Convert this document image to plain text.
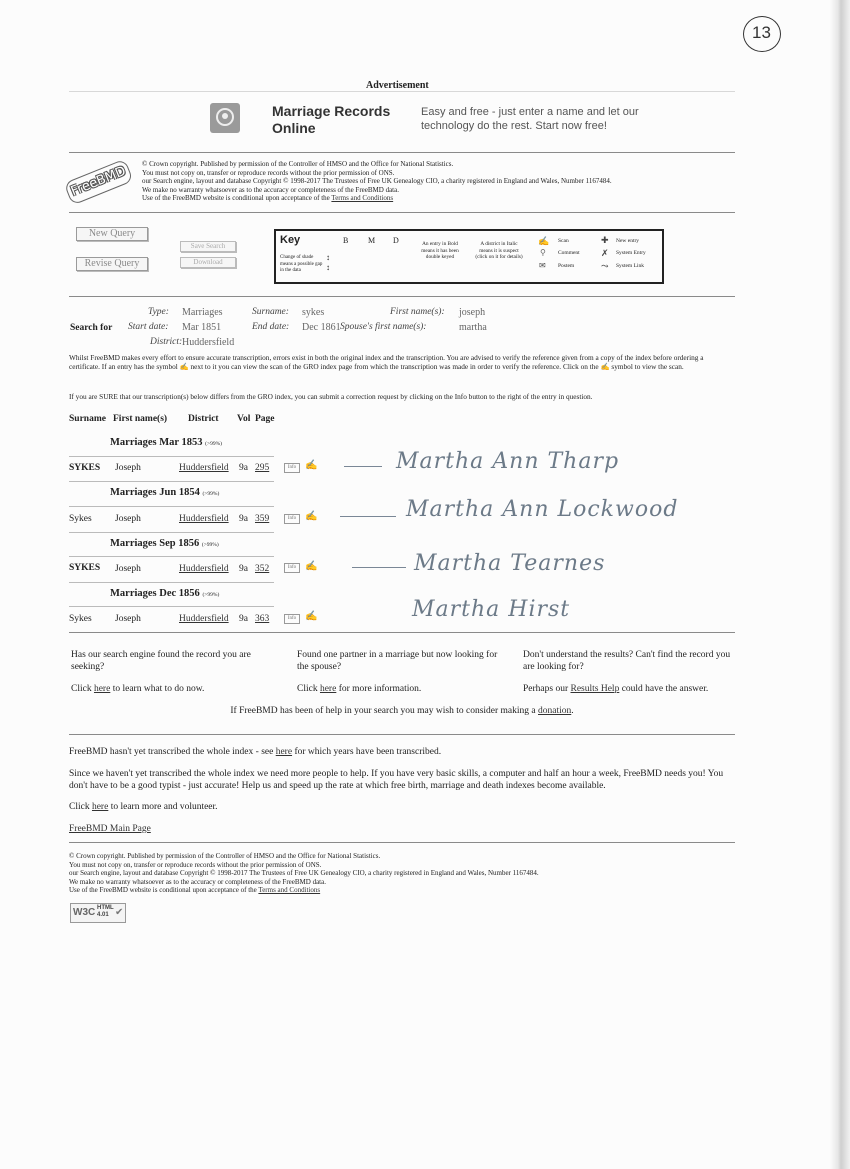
13
Advertisement
Marriage Records Online
Easy and free - just enter a name and let our technology do the rest. Start now free!
FreeBMD	© Crown copyright. Published by permission of the Controller of HMSO and the Office for National Statistics.
You must not copy on, transfer or reproduce records without the prior permission of ONS.
our Search engine, layout and database Copyright © 1998-2017 The Trustees of Free UK Genealogy CIO, a charity registered in England and Wales, Number 1167484.
We make no warranty whatsoever as to the accuracy or completeness of the FreeBMD data.
Use of the FreeBMD website is conditional upon acceptance of the Terms and Conditions
New Query
Revise Query
Save Search
Download
Key	B M D
↕
↕
Change of shade means a possible gap in the data
An entry in Bold means it has been double keyed
A district in Italic means it is suspect (click on it for details)
✍ Scan
⚲ Comment
✉ Postem
✚ New entry
✗ System Entry
⤳ System Link
Search for
Type: Marriages
Start date: Mar 1851
District: Huddersfield
Surname: sykes
End date: Dec 1861
First name(s): joseph
Spouse's first name(s):	martha
Whilst FreeBMD makes every effort to ensure accurate transcription, errors exist in both the original index and the transcription. You are advised to verify the reference given from a copy of the index before ordering a certificate. If an entry has the symbol ✍ next to it you can view the scan of the GRO index page from which the transcription was made in order to verify the reference. Click on the ✍ symbol to view the scan.
If you are SURE that our transcription(s) below differs from the GRO index, you can submit a correction request by clicking on the Info button to the right of the entry in question.
Surname First name(s) District Vol Page
Marriages Mar 1853 (>99%)
SYKES Joseph	Huddersfield 9a 295	Info ✍	Martha Ann Tharp
Marriages Jun 1854 (>99%)
Sykes Joseph	Huddersfield 9a 359	Info ✍	Martha Ann Lockwood
Marriages Sep 1856 (>99%)
SYKES Joseph	Huddersfield 9a 352	Info ✍	Martha Tearnes
Marriages Dec 1856 (>99%)
Sykes Joseph	Huddersfield 9a 363	Info ✍	Martha Hirst
Has our search engine found the record you are seeking?
Click here to learn what to do now.
Found one partner in a marriage but now looking for the spouse?
Click here for more information.
Don't understand the results? Can't find the record you are looking for?
Perhaps our Results Help could have the answer.
If FreeBMD has been of help in your search you may wish to consider making a donation.
FreeBMD hasn't yet transcribed the whole index - see here for which years have been transcribed.
Since we haven't yet transcribed the whole index we need more people to help. If you have very basic skills, a computer and half an hour a week, FreeBMD needs you! You don't have to be a good typist - just accurate! Help us and speed up the rate at which free birth, marriage and death indexes become available.
Click here to learn more and volunteer.
FreeBMD Main Page
© Crown copyright. Published by permission of the Controller of HMSO and the Office for National Statistics.
You must not copy on, transfer or reproduce records without the prior permission of ONS.
our Search engine, layout and database Copyright © 1998-2017 The Trustees of Free UK Genealogy CIO, a charity registered in England and Wales, Number 1167484.
We make no warranty whatsoever as to the accuracy or completeness of the FreeBMD data.
Use of the FreeBMD website is conditional upon acceptance of the Terms and Conditions
W3C HTML
4.01 ✔
